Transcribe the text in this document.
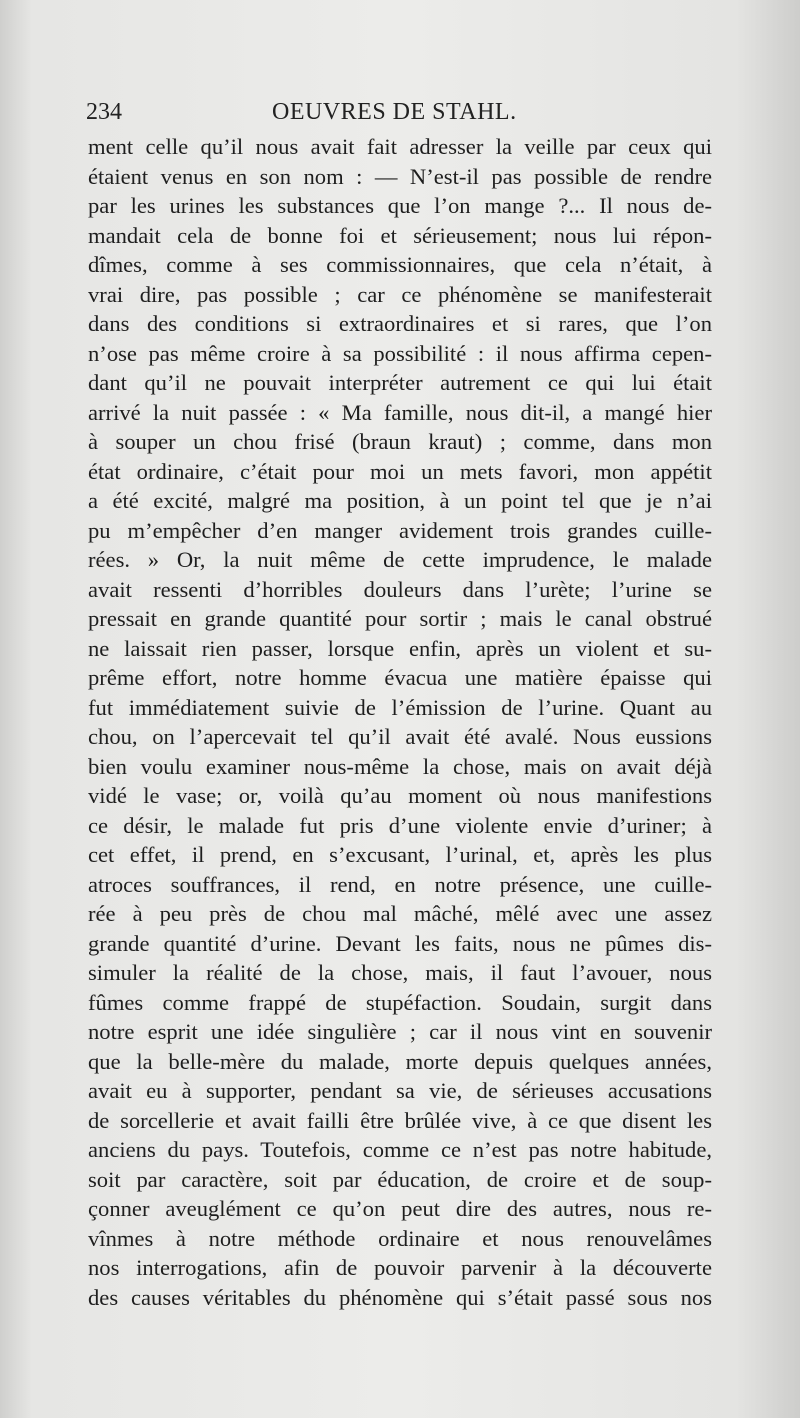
234	OEUVRES DE STAHL.
ment celle qu’il nous avait fait adresser la veille par ceux qui
étaient venus en son nom : — N’est-il pas possible de rendre
par les urines les substances que l’on mange ?... Il nous de-
mandait cela de bonne foi et sérieusement; nous lui répon-
dîmes, comme à ses commissionnaires, que cela n’était, à
vrai dire, pas possible ; car ce phénomène se manifesterait
dans des conditions si extraordinaires et si rares, que l’on
n’ose pas même croire à sa possibilité : il nous affirma cepen-
dant qu’il ne pouvait interpréter autrement ce qui lui était
arrivé la nuit passée : « Ma famille, nous dit-il, a mangé hier
à souper un chou frisé (braun kraut) ; comme, dans mon
état ordinaire, c’était pour moi un mets favori, mon appétit
a été excité, malgré ma position, à un point tel que je n’ai
pu m’empêcher d’en manger avidement trois grandes cuille-
rées. » Or, la nuit même de cette imprudence, le malade
avait ressenti d’horribles douleurs dans l’urète; l’urine se
pressait en grande quantité pour sortir ; mais le canal obstrué
ne laissait rien passer, lorsque enfin, après un violent et su-
prême effort, notre homme évacua une matière épaisse qui
fut immédiatement suivie de l’émission de l’urine. Quant au
chou, on l’apercevait tel qu’il avait été avalé. Nous eussions
bien voulu examiner nous-même la chose, mais on avait déjà
vidé le vase; or, voilà qu’au moment où nous manifestions
ce désir, le malade fut pris d’une violente envie d’uriner; à
cet effet, il prend, en s’excusant, l’urinal, et, après les plus
atroces souffrances, il rend, en notre présence, une cuille-
rée à peu près de chou mal mâché, mêlé avec une assez
grande quantité d’urine. Devant les faits, nous ne pûmes dis-
simuler la réalité de la chose, mais, il faut l’avouer, nous
fûmes comme frappé de stupéfaction. Soudain, surgit dans
notre esprit une idée singulière ; car il nous vint en souvenir
que la belle-mère du malade, morte depuis quelques années,
avait eu à supporter, pendant sa vie, de sérieuses accusations
de sorcellerie et avait failli être brûlée vive, à ce que disent les
anciens du pays. Toutefois, comme ce n’est pas notre habitude,
soit par caractère, soit par éducation, de croire et de soup-
çonner aveuglément ce qu’on peut dire des autres, nous re-
vînmes à notre méthode ordinaire et nous renouvelâmes
nos interrogations, afin de pouvoir parvenir à la découverte
des causes véritables du phénomène qui s’était passé sous nos
